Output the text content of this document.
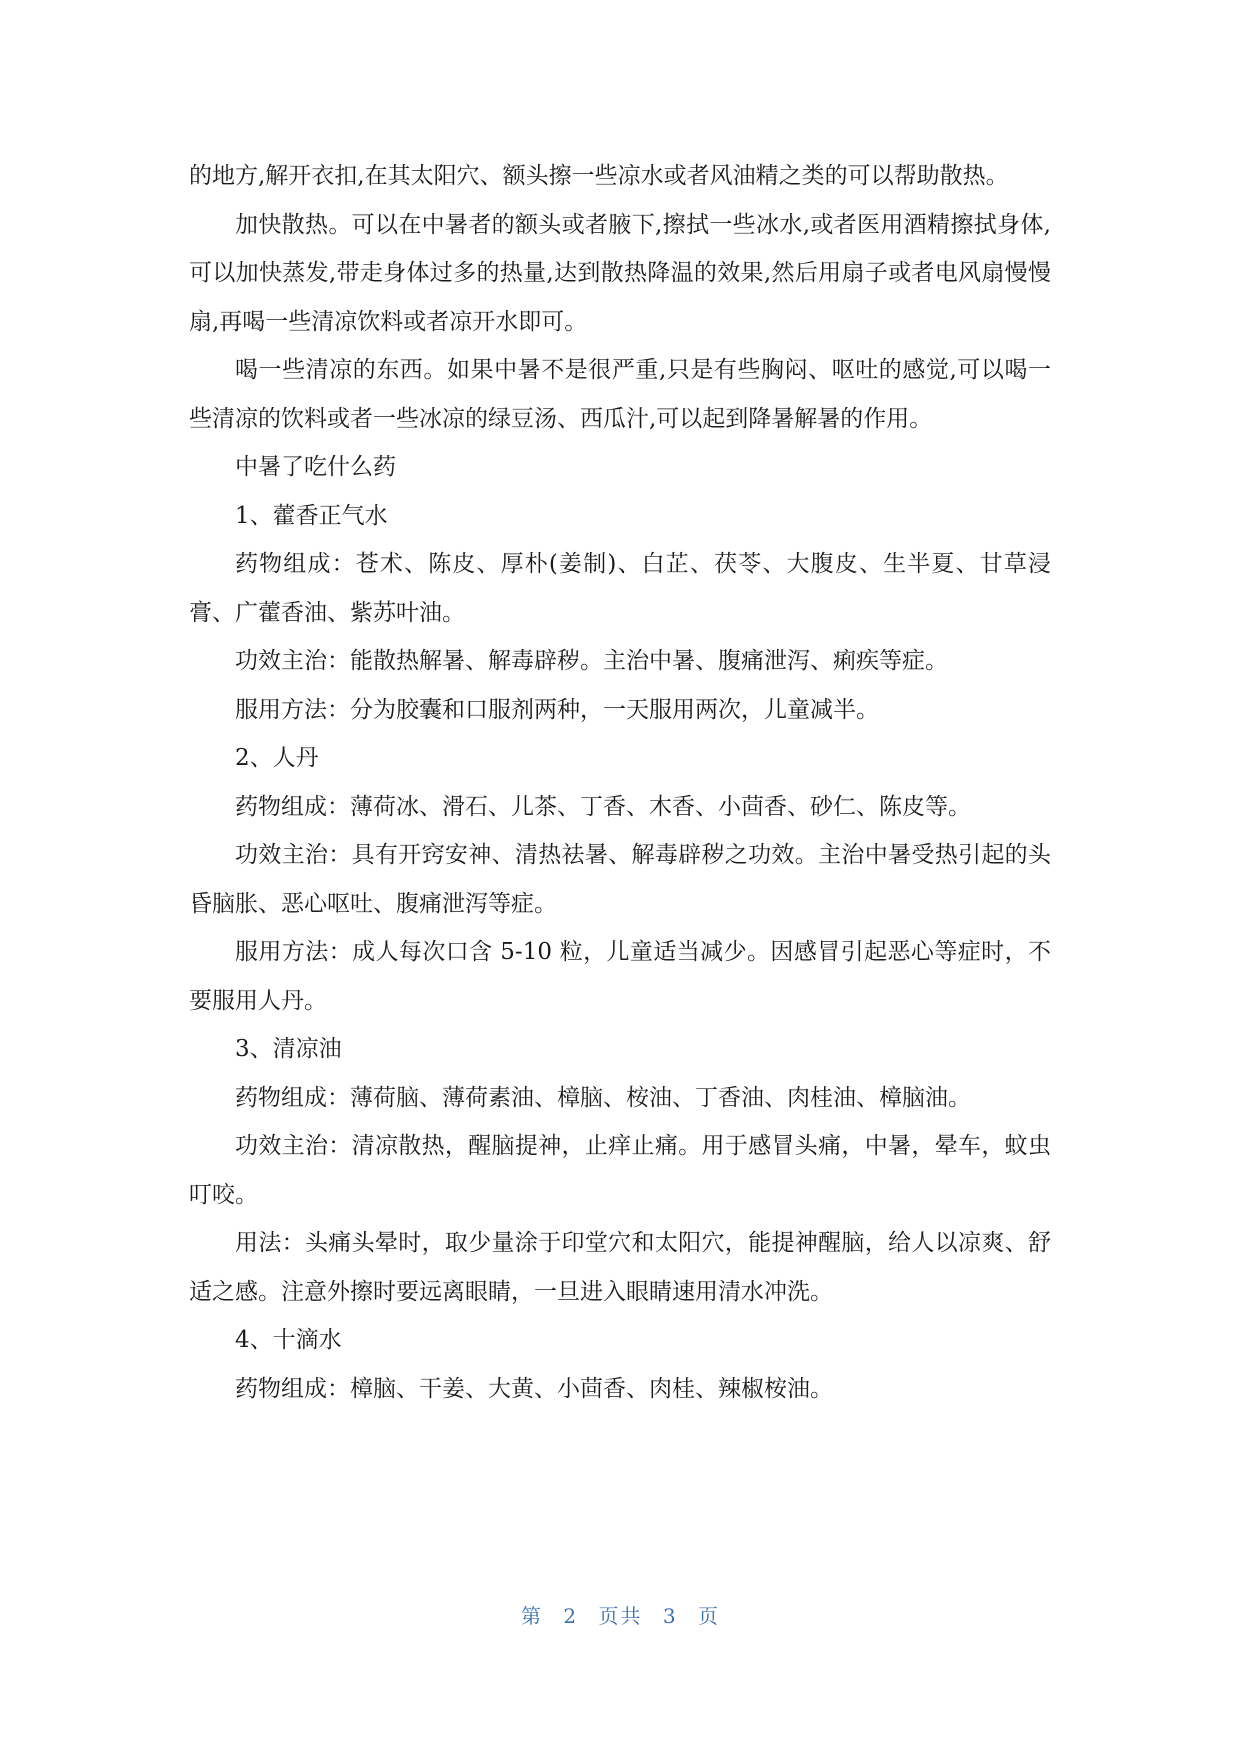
的地方,解开衣扣,在其太阳穴、额头擦一些凉水或者风油精之类的可以帮助散热。

加快散热。可以在中暑者的额头或者腋下,擦拭一些冰水,或者医用酒精擦拭身体,可以加快蒸发,带走身体过多的热量,达到散热降温的效果,然后用扇子或者电风扇慢慢扇,再喝一些清凉饮料或者凉开水即可。

喝一些清凉的东西。如果中暑不是很严重,只是有些胸闷、呕吐的感觉,可以喝一些清凉的饮料或者一些冰凉的绿豆汤、西瓜汁,可以起到降暑解暑的作用。

中暑了吃什么药

1、藿香正气水

药物组成：苍术、陈皮、厚朴(姜制)、白芷、茯苓、大腹皮、生半夏、甘草浸膏、广藿香油、紫苏叶油。

功效主治：能散热解暑、解毒辟秽。主治中暑、腹痛泄泻、痢疾等症。

服用方法：分为胶囊和口服剂两种，一天服用两次，儿童减半。

2、人丹

药物组成：薄荷冰、滑石、儿茶、丁香、木香、小茴香、砂仁、陈皮等。

功效主治：具有开窍安神、清热祛暑、解毒辟秽之功效。主治中暑受热引起的头昏脑胀、恶心呕吐、腹痛泄泻等症。

服用方法：成人每次口含 5-10 粒，儿童适当减少。因感冒引起恶心等症时，不要服用人丹。

3、清凉油

药物组成：薄荷脑、薄荷素油、樟脑、桉油、丁香油、肉桂油、樟脑油。

功效主治：清凉散热，醒脑提神，止痒止痛。用于感冒头痛，中暑，晕车，蚊虫叮咬。

用法：头痛头晕时，取少量涂于印堂穴和太阳穴，能提神醒脑，给人以凉爽、舒适之感。注意外擦时要远离眼睛，一旦进入眼睛速用清水冲洗。

4、十滴水

药物组成：樟脑、干姜、大黄、小茴香、肉桂、辣椒桉油。

第 2 页共 3 页
